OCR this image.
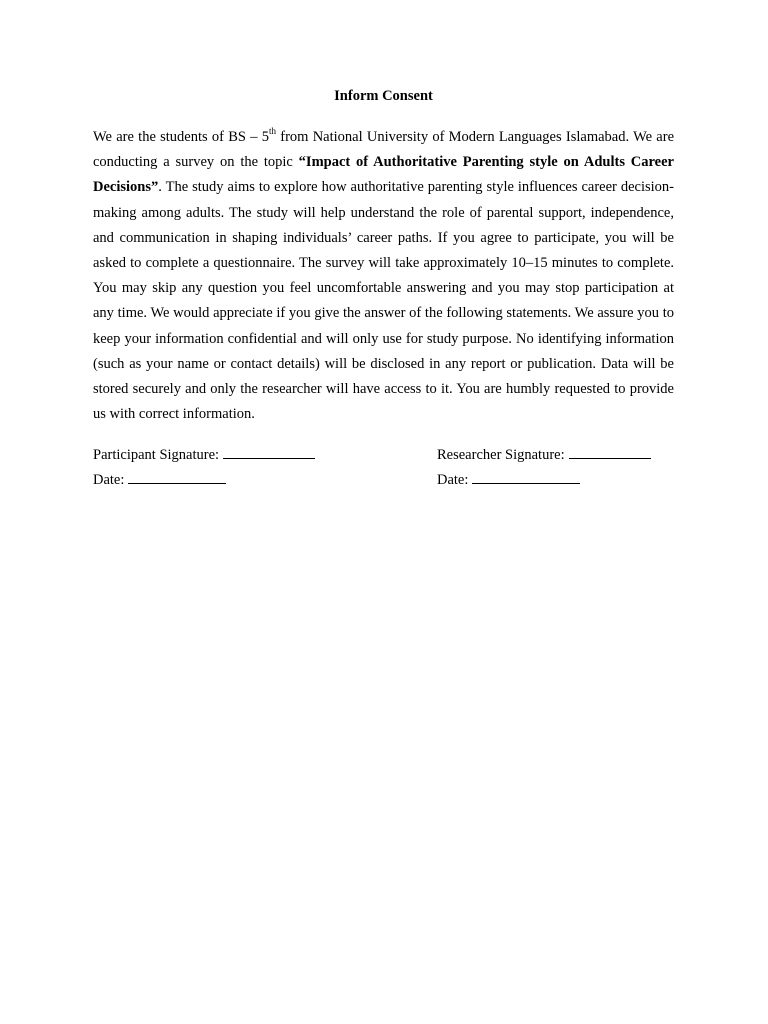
Inform Consent

We are the students of BS – 5th from National University of Modern Languages Islamabad. We are conducting a survey on the topic “Impact of Authoritative Parenting style on Adults Career Decisions”. The study aims to explore how authoritative parenting style influences career decision-making among adults. The study will help understand the role of parental support, independence, and communication in shaping individuals’ career paths. If you agree to participate, you will be asked to complete a questionnaire. The survey will take approximately 10–15 minutes to complete. You may skip any question you feel uncomfortable answering and you may stop participation at any time. We would appreciate if you give the answer of the following statements. We assure you to keep your information confidential and will only use for study purpose. No identifying information (such as your name or contact details) will be disclosed in any report or publication. Data will be stored securely and only the researcher will have access to it. You are humbly requested to provide us with correct information.

Participant Signature:	Researcher Signature:
Date:	Date:
